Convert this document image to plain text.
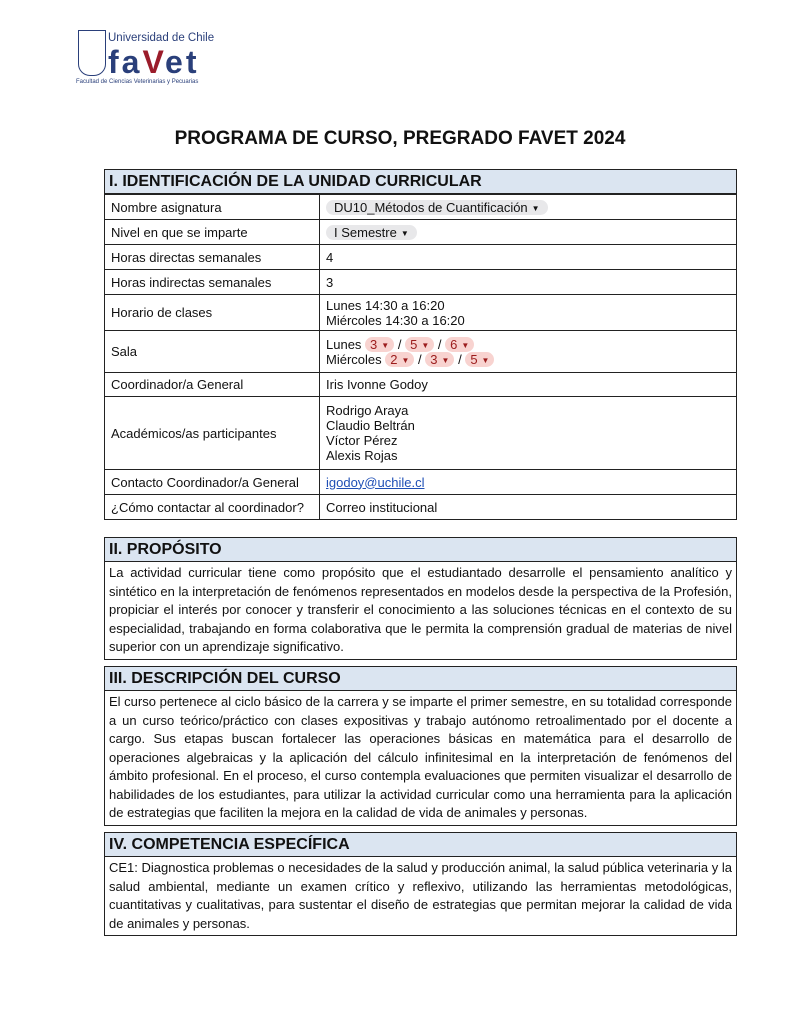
Universidad de Chile
faVet
Facultad de Ciencias Veterinarias y Pecuarias
PROGRAMA DE CURSO, PREGRADO FAVET 2024
I. IDENTIFICACIÓN DE LA UNIDAD CURRICULAR
Nombre asignatura	DU10_Métodos de Cuantificación ▼
Nivel en que se imparte	I Semestre ▼
Horas directas semanales	4
Horas indirectas semanales	3
Horario de clases	Lunes 14:30 a 16:20
Miércoles 14:30 a 16:20

Sala	Lunes 3 ▼ / 5 ▼ / 6 ▼
Miércoles 2 ▼ / 3 ▼ / 5 ▼

Coordinador/a General	Iris Ivonne Godoy
Académicos/as participantes	Rodrigo Araya
Claudio Beltrán
Víctor Pérez
Alexis Rojas

Contacto Coordinador/a General	igodoy@uchile.cl
¿Cómo contactar al coordinador?	Correo institucional
II. PROPÓSITO
La actividad curricular tiene como propósito que el estudiantado desarrolle el pensamiento analítico y sintético en la interpretación de fenómenos representados en modelos desde la perspectiva de la Profesión, propiciar el interés por conocer y transferir el conocimiento a las soluciones técnicas en el contexto de su especialidad, trabajando en forma colaborativa que le permita la comprensión gradual de materias de nivel superior con un aprendizaje significativo.
III. DESCRIPCIÓN DEL CURSO
El curso pertenece al ciclo básico de la carrera y se imparte el primer semestre, en su totalidad corresponde a un curso teórico/práctico con clases expositivas y trabajo autónomo retroalimentado por el docente a cargo. Sus etapas buscan fortalecer las operaciones básicas en matemática para el desarrollo de operaciones algebraicas y la aplicación del cálculo infinitesimal en la interpretación de fenómenos del ámbito profesional. En el proceso, el curso contempla evaluaciones que permiten visualizar el desarrollo de habilidades de los estudiantes, para utilizar la actividad curricular como una herramienta para la aplicación de estrategias que faciliten la mejora en la calidad de vida de animales y personas.
IV. COMPETENCIA ESPECÍFICA
CE1: Diagnostica problemas o necesidades de la salud y producción animal, la salud pública veterinaria y la salud ambiental, mediante un examen crítico y reflexivo, utilizando las herramientas metodológicas, cuantitativas y cualitativas, para sustentar el diseño de estrategias que permitan mejorar la calidad de vida de animales y personas.
